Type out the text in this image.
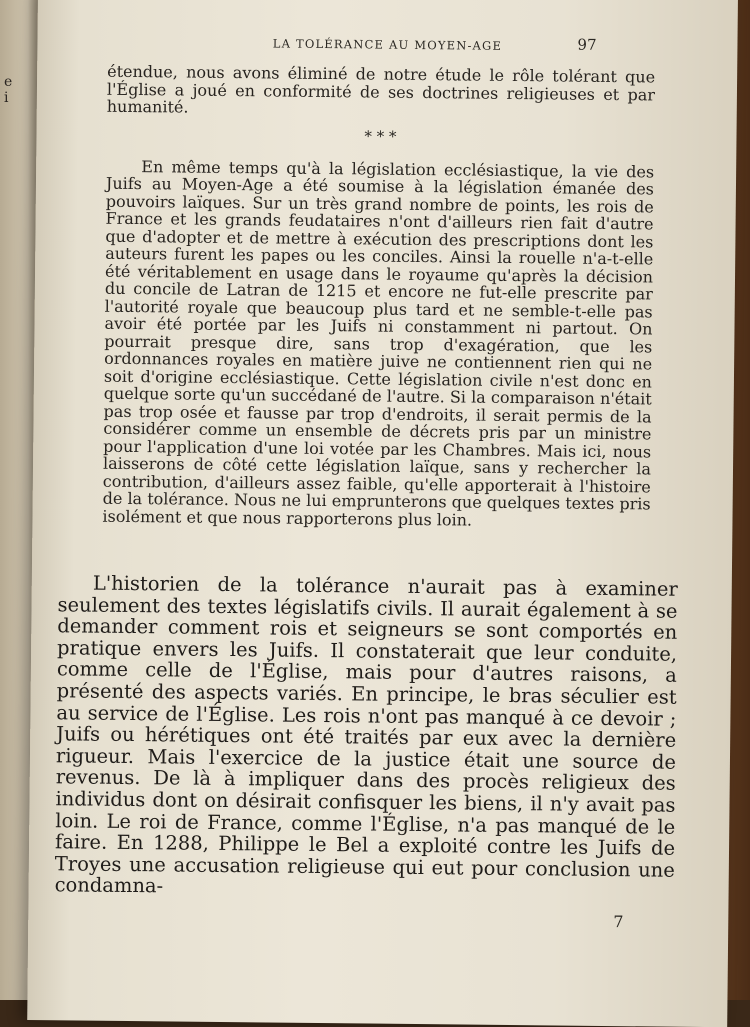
e
i
LA TOLÉRANCE AU MOYEN-AGE	97

étendue, nous avons éliminé de notre étude le rôle tolérant que l'Église a joué en conformité de ses doctrines religieuses et par humanité.

* * *

En même temps qu'à la législation ecclésiastique, la vie des Juifs au Moyen-Age a été soumise à la législation émanée des pouvoirs laïques. Sur un très grand nombre de points, les rois de France et les grands feudataires n'ont d'ailleurs rien fait d'autre que d'adopter et de mettre à exécution des prescriptions dont les auteurs furent les papes ou les conciles. Ainsi la rouelle n'a-t-elle été véritablement en usage dans le royaume qu'après la décision du concile de Latran de 1215 et encore ne fut-elle prescrite par l'autorité royale que beaucoup plus tard et ne semble-t-elle pas avoir été portée par les Juifs ni constamment ni partout. On pourrait presque dire, sans trop d'exagération, que les ordonnances royales en matière juive ne contiennent rien qui ne soit d'origine ecclésiastique. Cette législation civile n'est donc en quelque sorte qu'un succédané de l'autre. Si la comparaison n'était pas trop osée et fausse par trop d'endroits, il serait permis de la considérer comme un ensemble de décrets pris par un ministre pour l'application d'une loi votée par les Chambres. Mais ici, nous laisserons de côté cette législation laïque, sans y rechercher la contribution, d'ailleurs assez faible, qu'elle apporterait à l'histoire de la tolérance. Nous ne lui emprunterons que quelques textes pris isolément et que nous rapporterons plus loin.

L'historien de la tolérance n'aurait pas à examiner seulement des textes législatifs civils. Il aurait également à se demander comment rois et seigneurs se sont comportés en pratique envers les Juifs. Il constaterait que leur conduite, comme celle de l'Église, mais pour d'autres raisons, a présenté des aspects variés. En principe, le bras séculier est au service de l'Église. Les rois n'ont pas manqué à ce devoir ; Juifs ou hérétiques ont été traités par eux avec la dernière rigueur. Mais l'exercice de la justice était une source de revenus. De là à impliquer dans des procès religieux des individus dont on désirait confisquer les biens, il n'y avait pas loin. Le roi de France, comme l'Église, n'a pas manqué de le faire. En 1288, Philippe le Bel a exploité contre les Juifs de Troyes une accusation religieuse qui eut pour conclusion une condamna-

7
